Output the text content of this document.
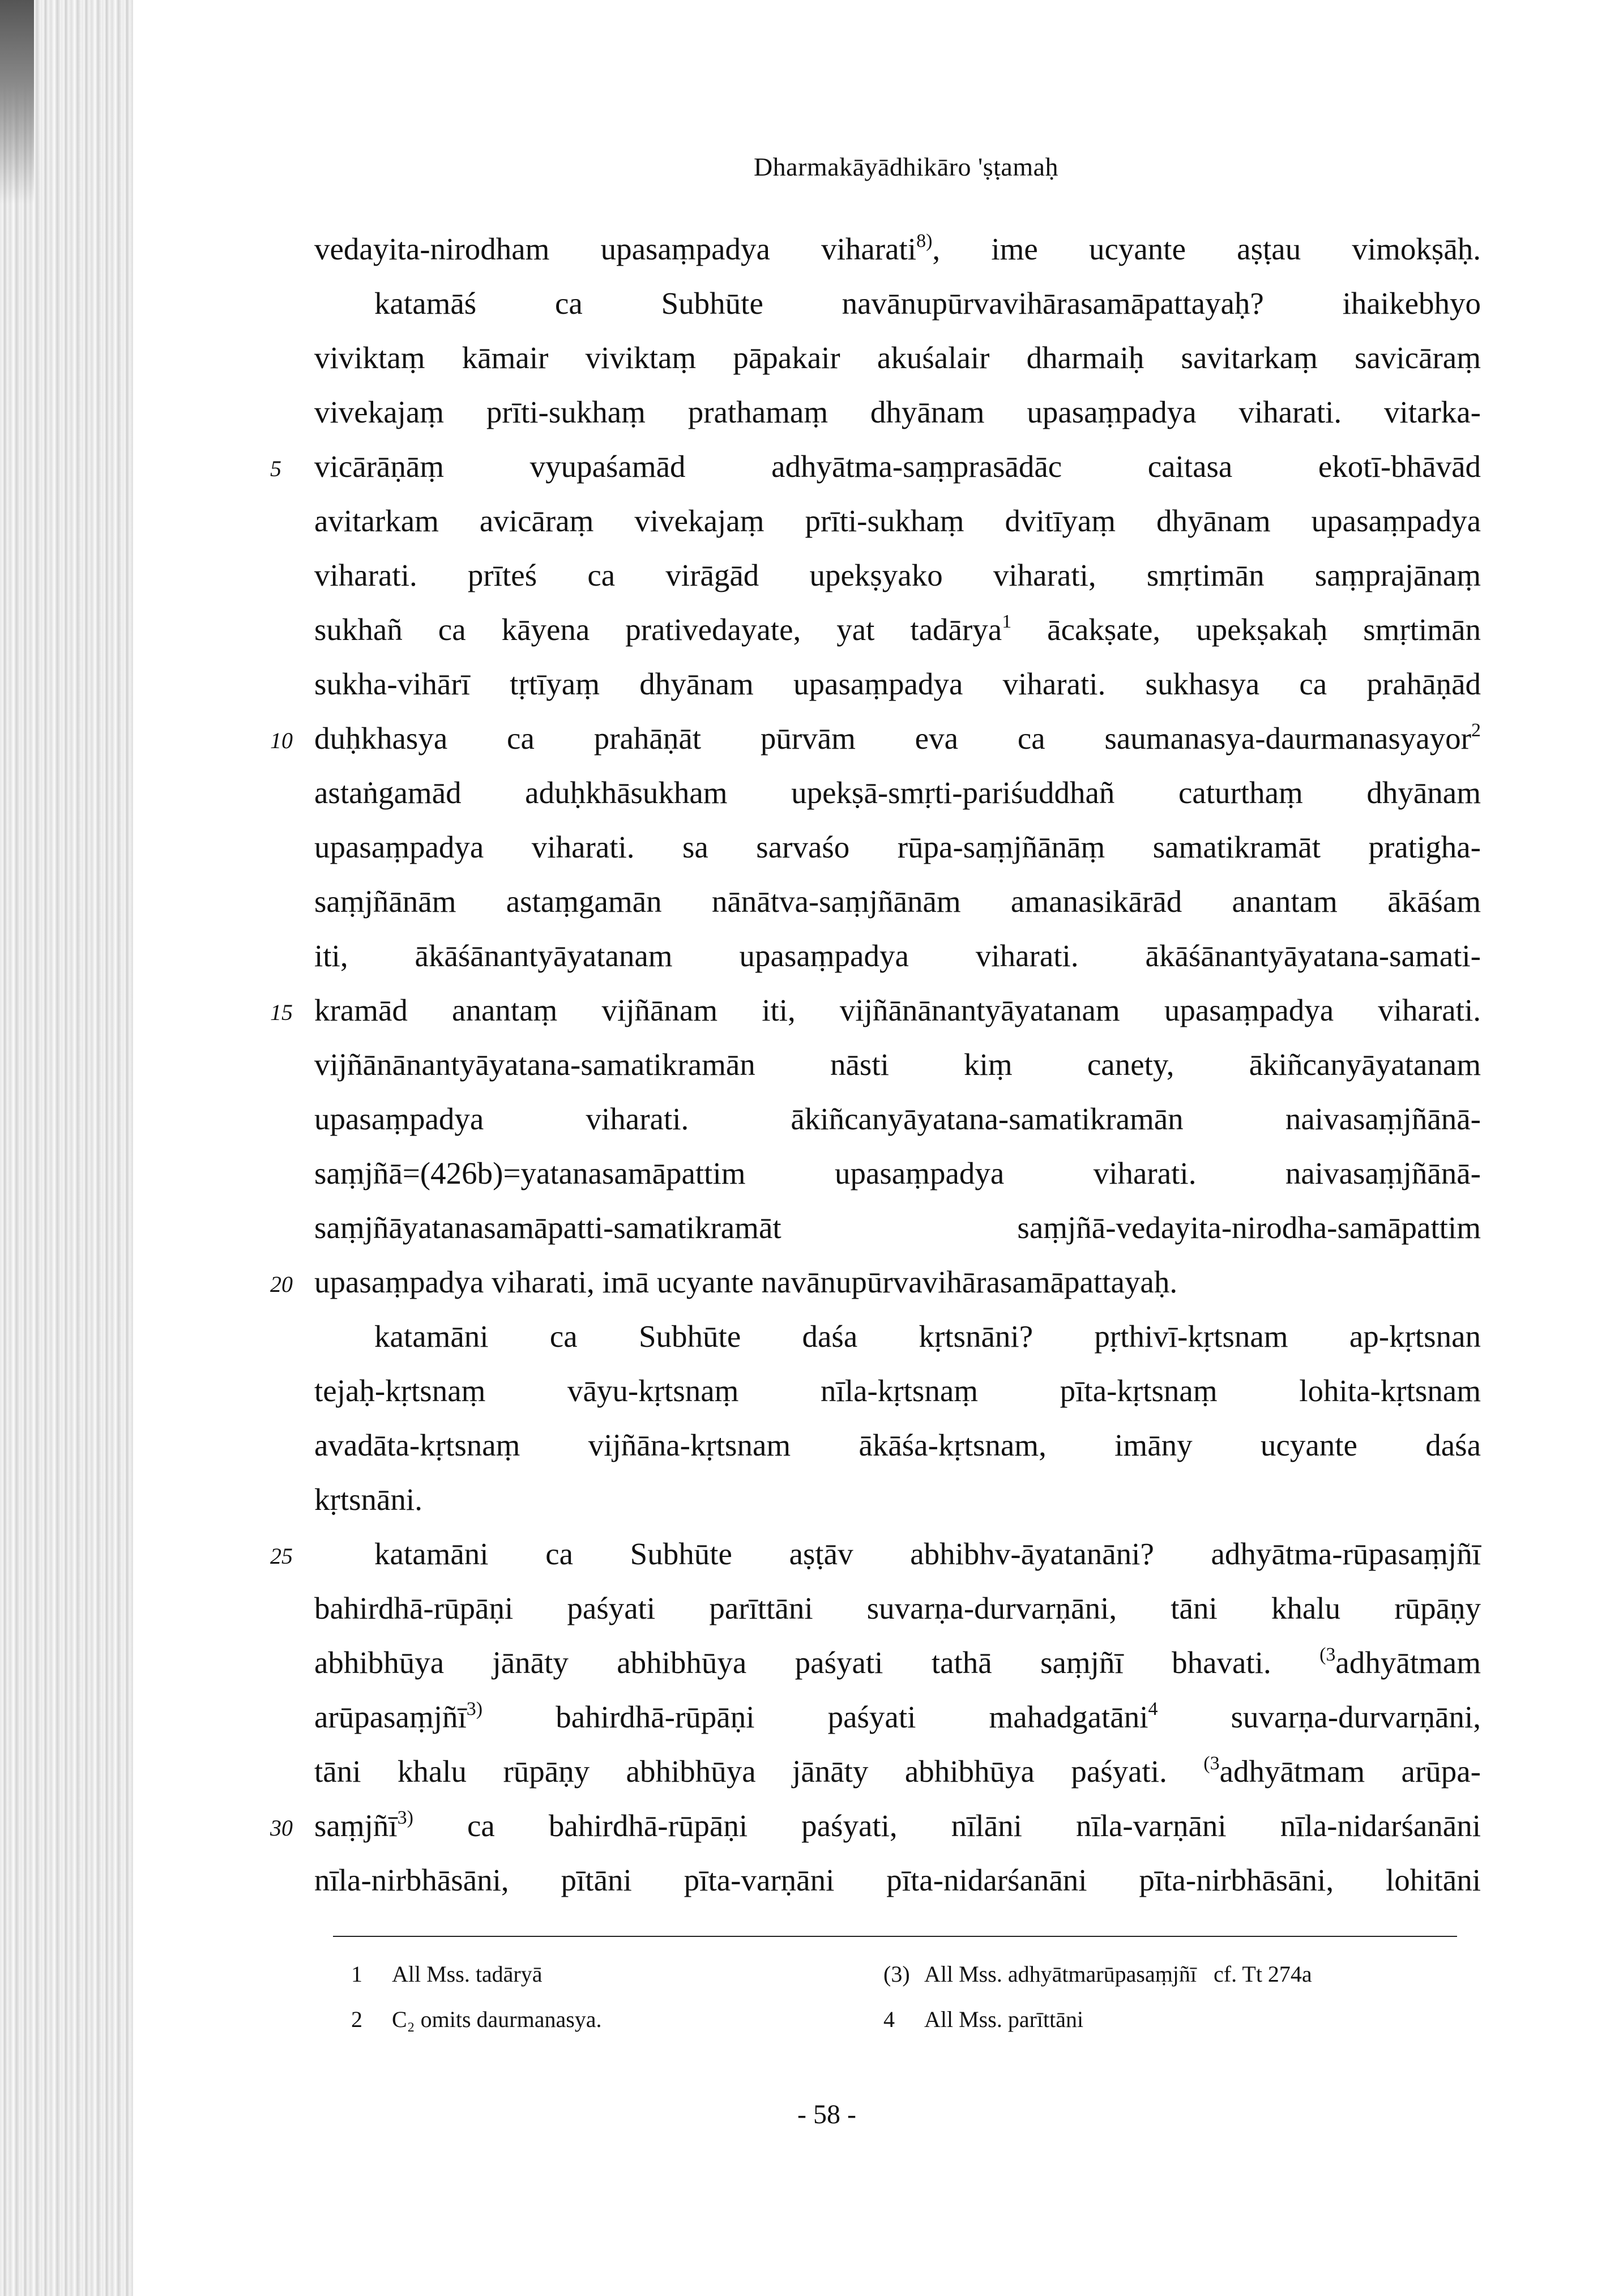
Dharmakāyādhikāro 'ṣṭamaḥ
vedayita-nirodham upasaṃpadya viharati$^{8)}$, ime ucyante aṣṭau vimokṣāḥ.
katamāś ca Subhūte navānupūrvavihārasamāpattayaḥ? ihaikebhyo
viviktaṃ kāmair viviktaṃ pāpakair akuśalair dharmaiḥ savitarkaṃ savicāraṃ
vivekajaṃ prīti-sukhaṃ prathamaṃ dhyānam upasaṃpadya viharati. vitarka-
5 vicārāṇāṃ vyupaśamād adhyātma-saṃprasādāc caitasa ekotī-bhāvād
avitarkam avicāraṃ vivekajaṃ prīti-sukhaṃ dvitīyaṃ dhyānam upasaṃpadya
viharati. prīteś ca virāgād upekṣyako viharati, smṛtimān saṃprajānaṃ
sukhañ ca kāyena prativedayate, yat tadārya$^1$ ācakṣate, upekṣakaḥ smṛtimān
sukha-vihārī tṛtīyaṃ dhyānam upasaṃpadya viharati. sukhasya ca prahāṇād
10 duḥkhasya ca prahāṇāt pūrvām eva ca saumanasya-daurmanasyayor$^2$
astaṅgamād aduḥkhāsukham upekṣā-smṛti-pariśuddhañ caturthaṃ dhyānam
upasaṃpadya viharati. sa sarvaśo rūpa-saṃjñānāṃ samatikramāt pratigha-
saṃjñānām astaṃgamān nānātva-saṃjñānām amanasikārād anantam ākāśam
iti, ākāśānantyāyatanam upasaṃpadya viharati. ākāśānantyāyatana-samati-
15 kramād anantaṃ vijñānam iti, vijñānānantyāyatanam upasaṃpadya viharati.
vijñānānantyāyatana-samatikramān nāsti kiṃ canety, ākiñcanyāyatanam
upasaṃpadya viharati. ākiñcanyāyatana-samatikramān naivasaṃjñānā-
saṃjñā=(426b)=yatanasamāpattim upasaṃpadya viharati. naivasaṃjñānā-
saṃjñāyatanasamāpatti-samatikramāt saṃjñā-vedayita-nirodha-samāpattim
20 upasaṃpadya viharati, imā ucyante navānupūrvavihārasamāpattayaḥ.
katamāni ca Subhūte daśa kṛtsnāni? pṛthivī-kṛtsnam ap-kṛtsnan
tejaḥ-kṛtsnaṃ vāyu-kṛtsnaṃ nīla-kṛtsnaṃ pīta-kṛtsnaṃ lohita-kṛtsnam
avadāta-kṛtsnaṃ vijñāna-kṛtsnam ākāśa-kṛtsnam, imāny ucyante daśa
kṛtsnāni.
25	katamāni ca Subhūte aṣṭāv abhibhv-āyatanāni? adhyātma-rūpasaṃjñī
bahirdhā-rūpāṇi paśyati parīttāni suvarṇa-durvarṇāni, tāni khalu rūpāṇy
abhibhūya jānāty abhibhūya paśyati tathā saṃjñī bhavati. $^{(3}$adhyātmam
arūpasaṃjñī$^{3)}$ bahirdhā-rūpāṇi paśyati mahadgatāni$^4$ suvarṇa-durvarṇāni,
tāni khalu rūpāṇy abhibhūya jānāty abhibhūya paśyati. $^{(3}$adhyātmam arūpa-
30 saṃjñī$^{3)}$ ca bahirdhā-rūpāṇi paśyati, nīlāni nīla-varṇāni nīla-nidarśanāni
nīla-nirbhāsāni, pītāni pīta-varṇāni pīta-nidarśanāni pīta-nirbhāsāni, lohitāni
1 All Mss. tadāryā	(3) All Mss. adhyātmarūpasaṃjñī   cf. Tt 274a
2 C₂ omits daurmanasya.	4 All Mss. parīttāni
- 58 -
